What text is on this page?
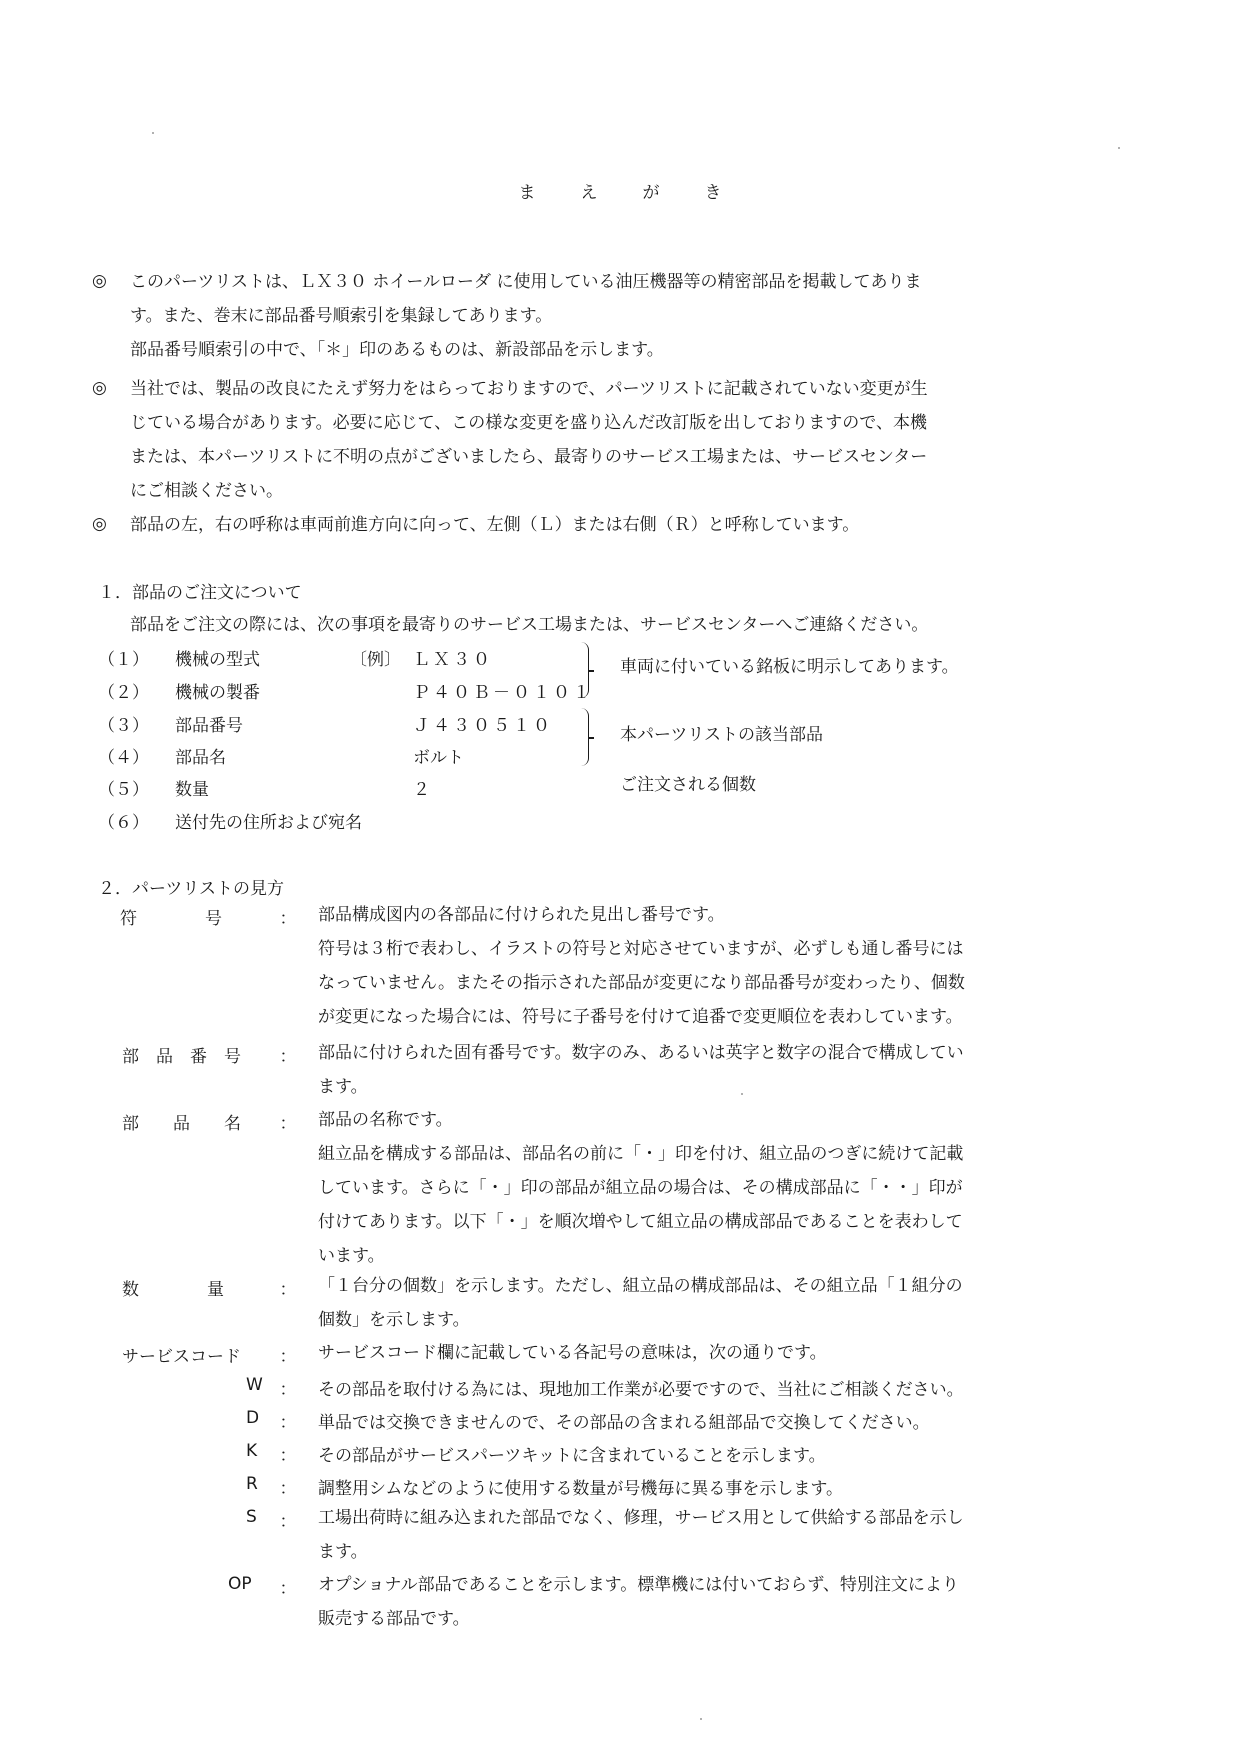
ま	え	が	き
◎ このパーツリストは、ＬＸ３０ ホイールローダ に使用している油圧機器等の精密部品を掲載してありま
す。また、巻末に部品番号順索引を集録してあります。
部品番号順索引の中で、「＊」印のあるものは、新設部品を示します。
◎ 当社では、製品の改良にたえず努力をはらっておりますので、パーツリストに記載されていない変更が生
じている場合があります。必要に応じて、この様な変更を盛り込んだ改訂版を出しておりますので、本機
または、本パーツリストに不明の点がございましたら、最寄りのサービス工場または、サービスセンター
にご相談ください。
◎ 部品の左，右の呼称は車両前進方向に向って、左側（Ｌ）または右側（Ｒ）と呼称しています。
１．部品のご注文について
部品をご注文の際には、次の事項を最寄りのサービス工場または、サービスセンターへご連絡ください。
（１） 機械の型式	〔例〕 ＬＸ３０
（２） 機械の製番	Ｐ４０Ｂ－０１０１
（３） 部品番号	Ｊ４３０５１０
（４） 部品名	ボルト
（５） 数量	２
（６） 送付先の住所および宛名
車両に付いている銘板に明示してあります。
本パーツリストの該当部品
ご注文される個数
２．パーツリストの見方
符　　　　号	： 部品構成図内の各部品に付けられた見出し番号です。
符号は３桁で表わし、イラストの符号と対応させていますが、必ずしも通し番号には
なっていません。またその指示された部品が変更になり部品番号が変わったり、個数
が変更になった場合には、符号に子番号を付けて追番で変更順位を表わしています。
部　品　番　号 ： 部品に付けられた固有番号です。数字のみ、あるいは英字と数字の混合で構成してい
ます。
部　　品　　名 ： 部品の名称です。
組立品を構成する部品は、部品名の前に「・」印を付け、組立品のつぎに続けて記載
しています。さらに「・」印の部品が組立品の場合は、その構成部品に「・・」印が
付けてあります。以下「・」を順次増やして組立品の構成部品であることを表わして
います。
数　　　　量	： 「１台分の個数」を示します。ただし、組立品の構成部品は、その組立品「１組分の
個数」を示します。
サービスコード ： サービスコード欄に記載している各記号の意味は，次の通りです。
W ： その部品を取付ける為には、現地加工作業が必要ですので、当社にご相談ください。
D ： 単品では交換できませんので、その部品の含まれる組部品で交換してください。
K ： その部品がサービスパーツキットに含まれていることを示します。
R ： 調整用シムなどのように使用する数量が号機毎に異る事を示します。
S ： 工場出荷時に組み込まれた部品でなく、修理，サービス用として供給する部品を示し
ます。
OP ： オプショナル部品であることを示します。標準機には付いておらず、特別注文により
販売する部品です。
